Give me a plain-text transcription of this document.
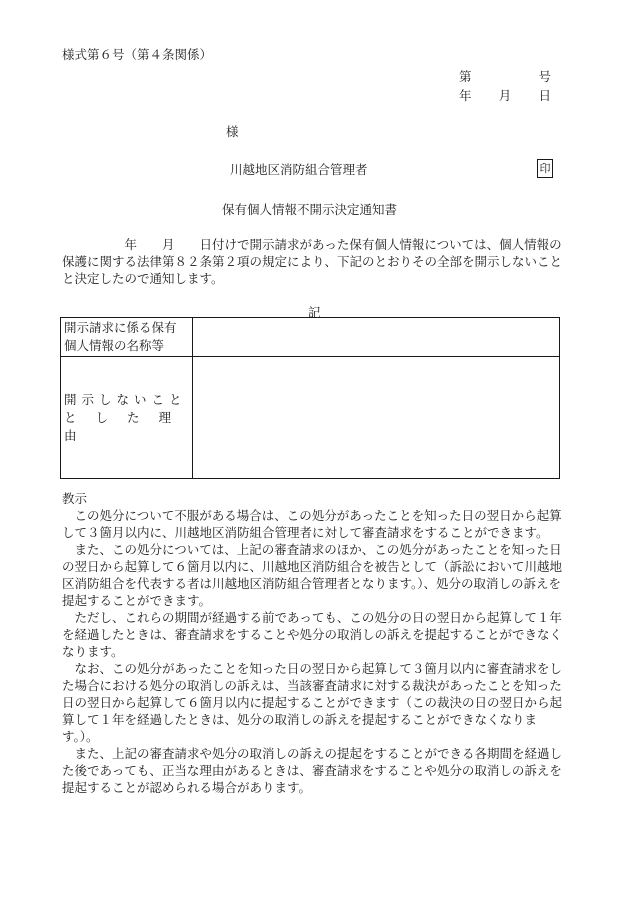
様式第６号（第４条関係）
第	号
年 月 日
様
川越地区消防組合管理者	印
保有個人情報不開示決定通知書
　　　　　年　　月　　日付けで開示請求があった保有個人情報については、個人情報の保護に関する法律第８２条第２項の規定により、下記のとおりその全部を開示しないことと決定したので通知します。
記
開示請求に係る保有
個人情報の名称等	

開示しないこと
とした理由	

教示

この処分について不服がある場合は、この処分があったことを知った日の翌日から起算して３箇月以内に、川越地区消防組合管理者に対して審査請求をすることができます。

また、この処分については、上記の審査請求のほか、この処分があったことを知った日の翌日から起算して６箇月以内に、川越地区消防組合を被告として（訴訟において川越地区消防組合を代表する者は川越地区消防組合管理者となります。）、処分の取消しの訴えを提起することができます。

ただし、これらの期間が経過する前であっても、この処分の日の翌日から起算して１年を経過したときは、審査請求をすることや処分の取消しの訴えを提起することができなくなります。

なお、この処分があったことを知った日の翌日から起算して３箇月以内に審査請求をした場合における処分の取消しの訴えは、当該審査請求に対する裁決があったことを知った日の翌日から起算して６箇月以内に提起することができます（この裁決の日の翌日から起算して１年を経過したときは、処分の取消しの訴えを提起することができなくなります。）。

また、上記の審査請求や処分の取消しの訴えの提起をすることができる各期間を経過した後であっても、正当な理由があるときは、審査請求をすることや処分の取消しの訴えを提起することが認められる場合があります。
